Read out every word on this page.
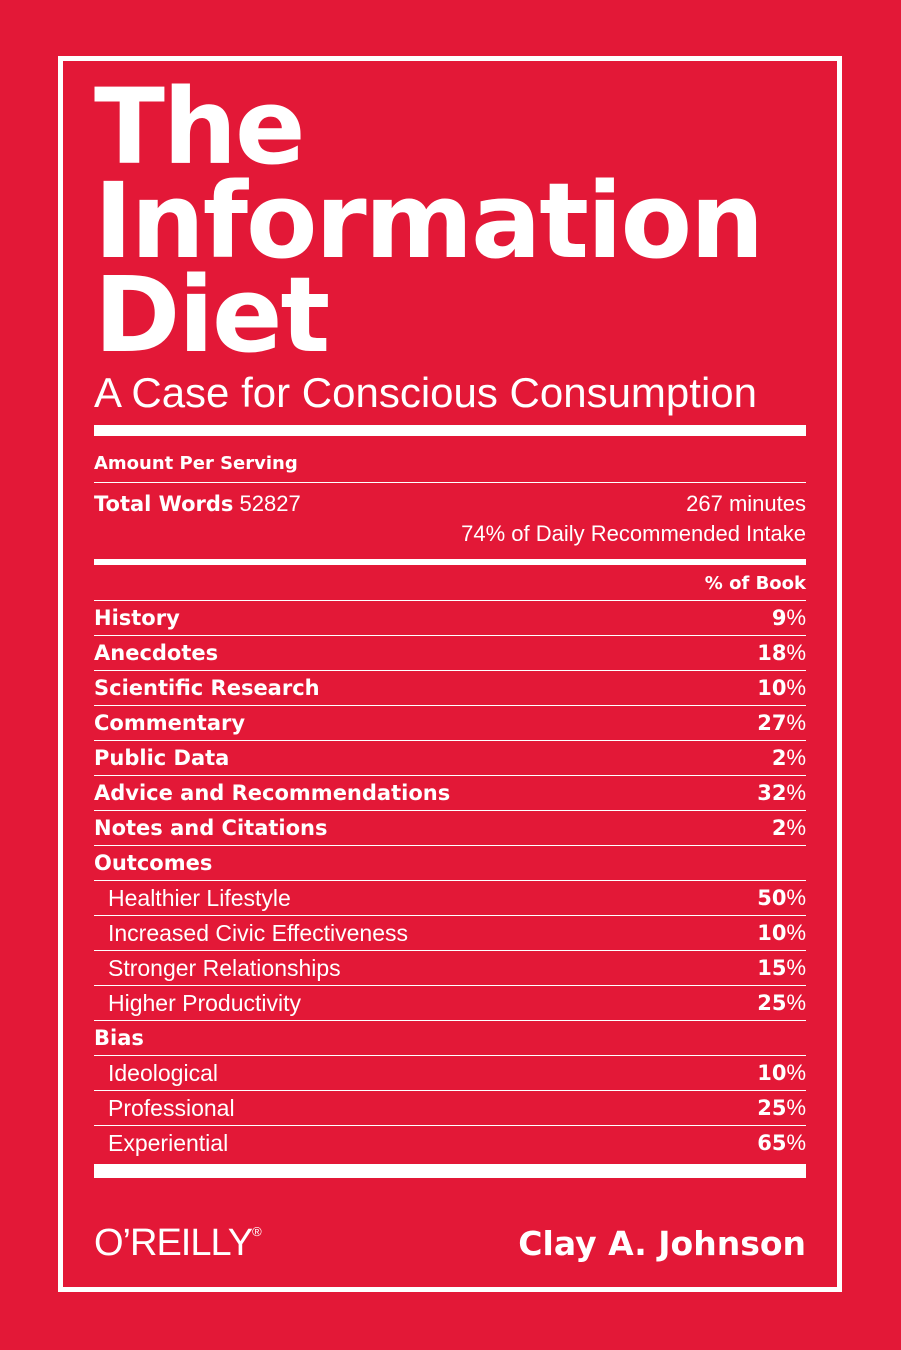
The
Information
Diet
A Case for Conscious Consumption
Amount Per Serving
Total Words 52827	267 minutes
74% of Daily Recommended Intake
% of Book
History	9%
Anecdotes	18%
Scientific Research	10%
Commentary	27%
Public Data	2%
Advice and Recommendations	32%
Notes and Citations	2%
Outcomes
Healthier Lifestyle	50%
Increased Civic Effectiveness	10%
Stronger Relationships	15%
Higher Productivity	25%
Bias
Ideological	10%
Professional	25%
Experiential	65%
O’REILLY®	Clay A. Johnson
